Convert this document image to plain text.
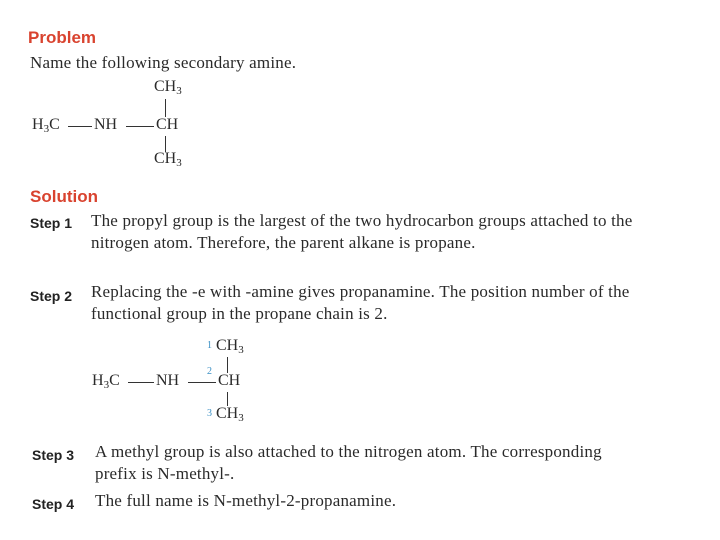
Problem
Name the following secondary amine.
$CH_3$
$H_3C$ NH CH
$CH_3$
Solution
Step 1 The propyl group is the largest of the two hydrocarbon groups attached to the nitrogen atom. Therefore, the parent alkane is propane.
Step 2 Replacing the -e with -amine gives propanamine. The position number of the functional group in the propane chain is 2.
1 $CH_3$
$H_3C$ NH
2
CH
3 $CH_3$
Step 3 A methyl group is also attached to the nitrogen atom. The corresponding prefix is N-methyl-.
Step 4 The full name is N-methyl-2-propanamine.
